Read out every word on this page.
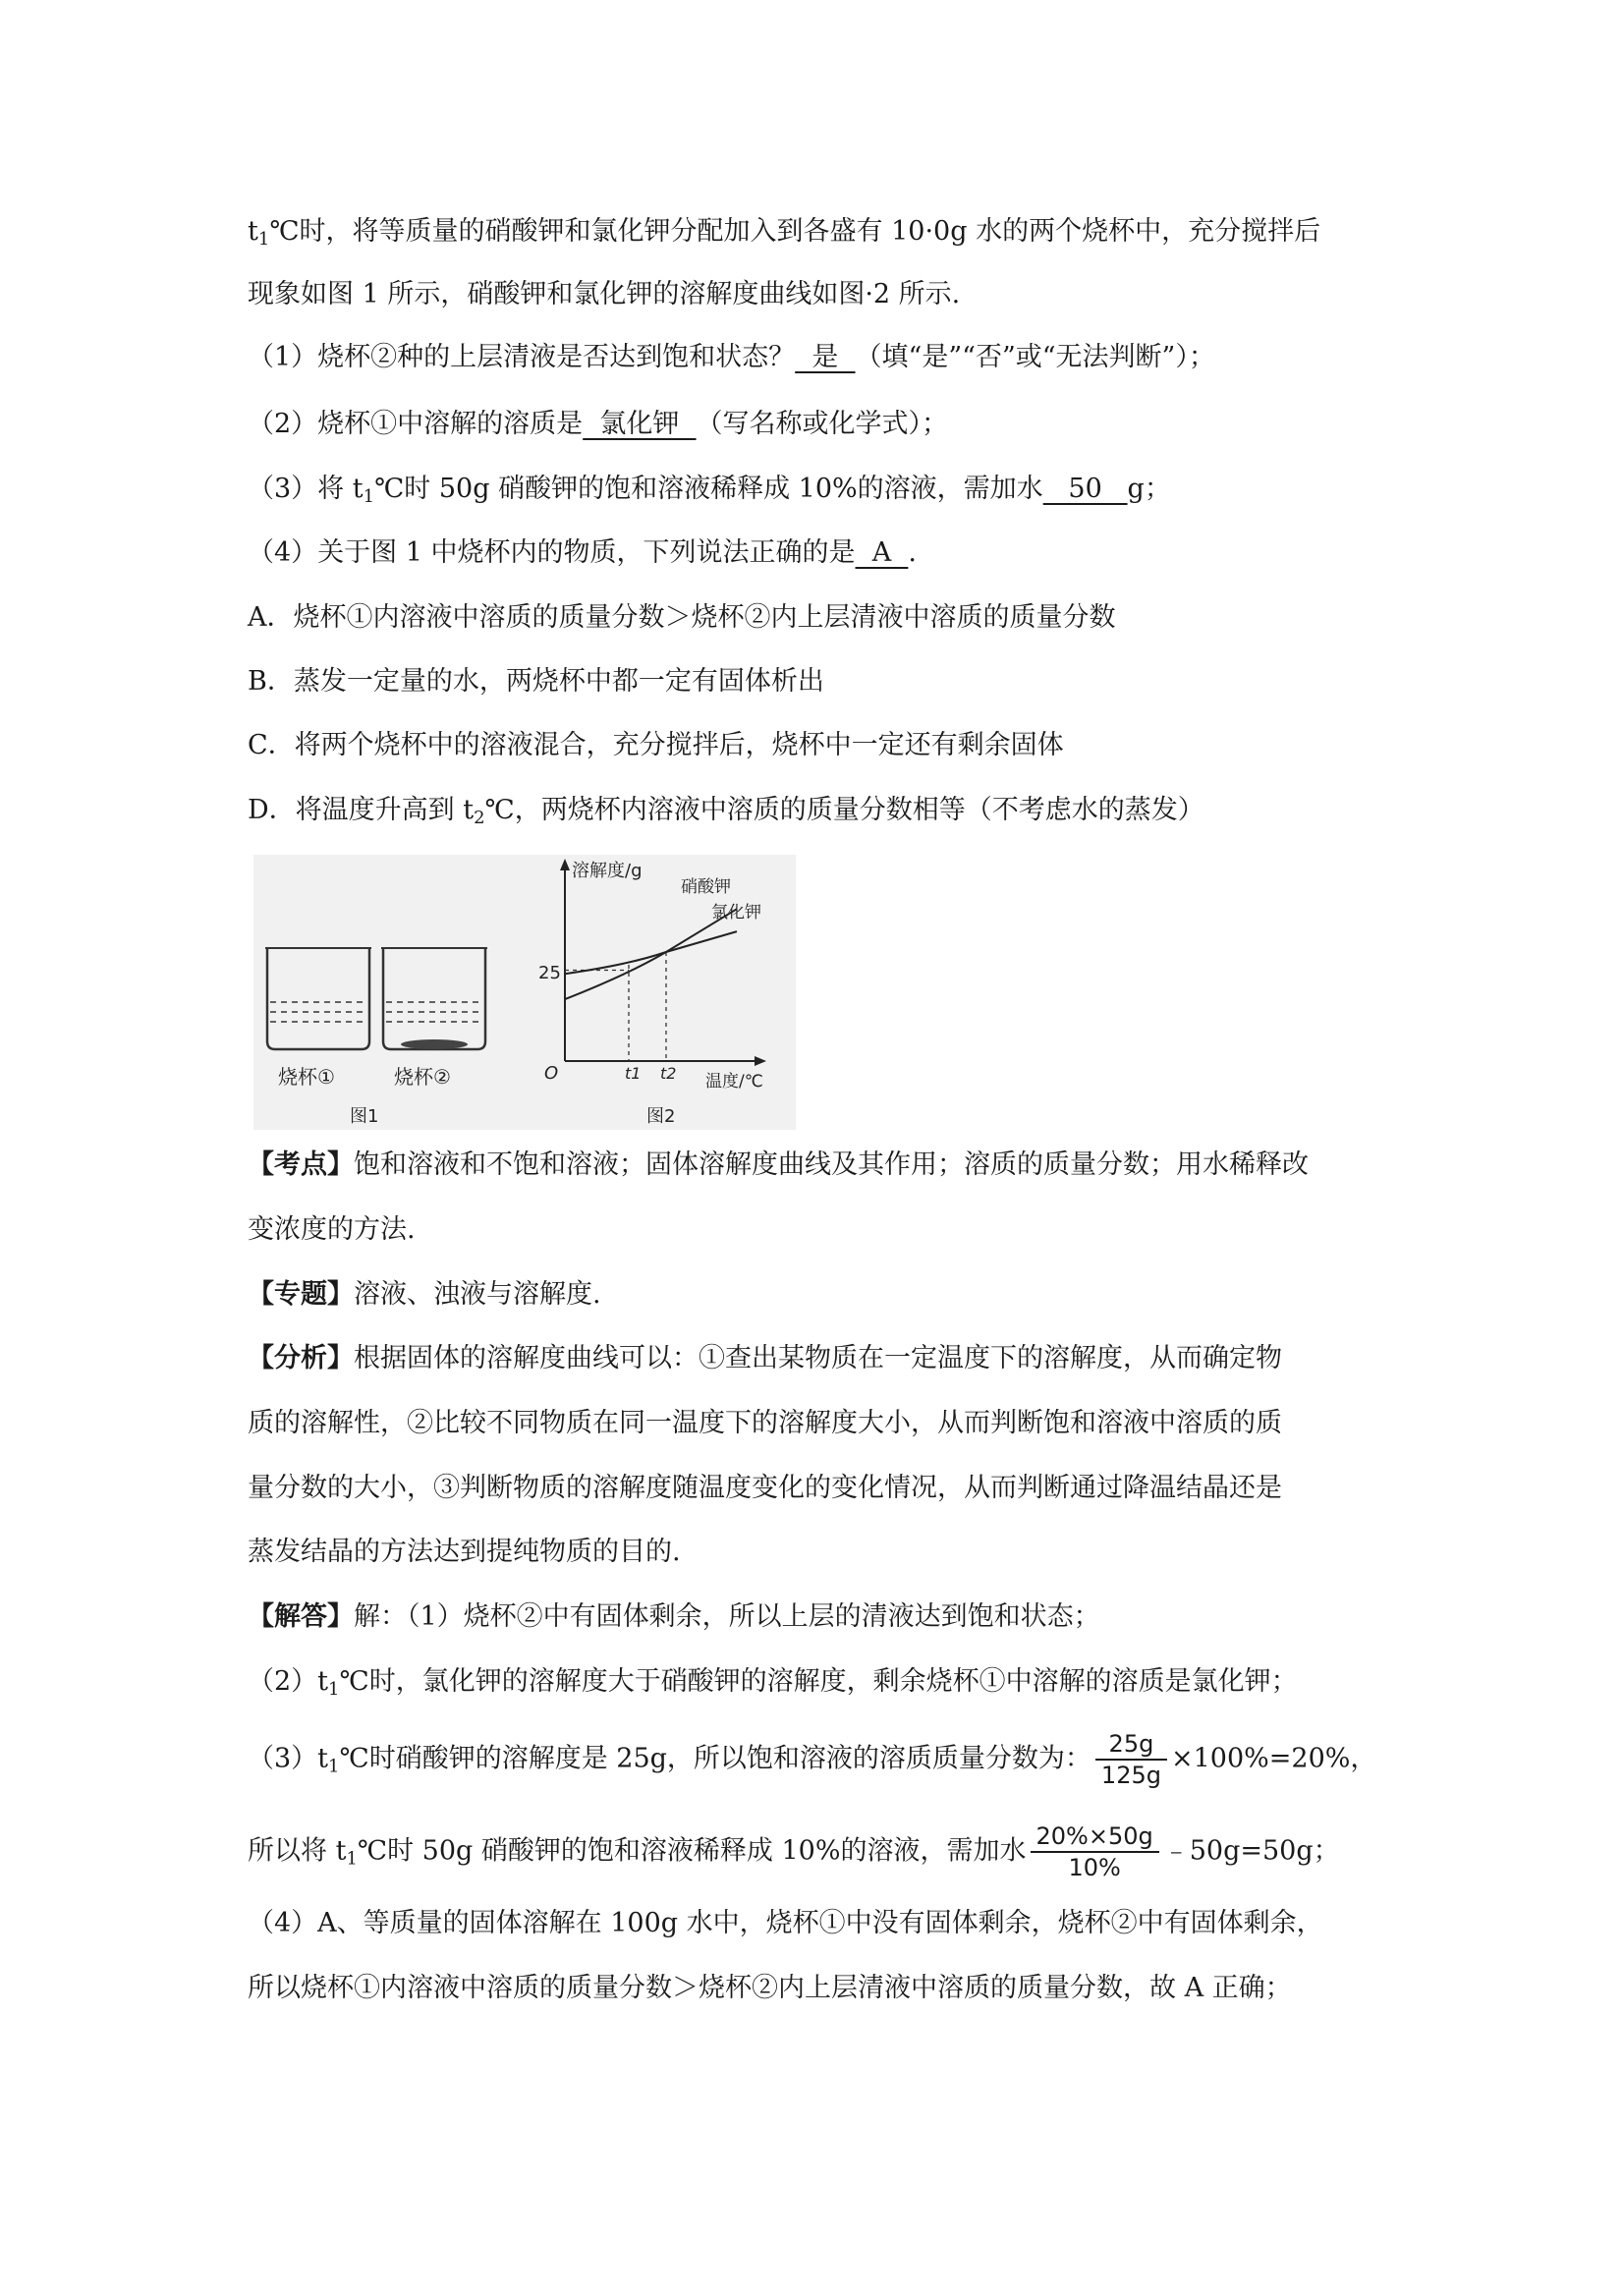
$t_1℃$时，将等质量的硝酸钾和氯化钾分配加入到各盛有 10·0g 水的两个烧杯中，充分搅拌后
现象如图 1 所示，硝酸钾和氯化钾的溶解度曲线如图·2 所示.
（1）烧杯②种的上层清液是否达到饱和状态？  是  （填“是”“否”或“无法判断”）；
（2）烧杯①中溶解的溶质是  氯化钾  （写名称或化学式）；
（3）将 $t_1℃$时 50g 硝酸钾的饱和溶液稀释成 10%的溶液，需加水   50   g；
（4）关于图 1 中烧杯内的物质，下列说法正确的是  A  .
A．烧杯①内溶液中溶质的质量分数＞烧杯②内上层清液中溶质的质量分数
B．蒸发一定量的水，两烧杯中都一定有固体析出
C．将两个烧杯中的溶液混合，充分搅拌后，烧杯中一定还有剩余固体
D．将温度升高到 $t_2℃$，两烧杯内溶液中溶质的质量分数相等（不考虑水的蒸发）
烧杯①	烧杯②
图1
溶解度/g
温度/℃
O
25
t1 t2
硝酸钾
氯化钾
图2
【考点】饱和溶液和不饱和溶液；固体溶解度曲线及其作用；溶质的质量分数；用水稀释改
变浓度的方法.
【专题】溶液、浊液与溶解度.
【分析】根据固体的溶解度曲线可以：①查出某物质在一定温度下的溶解度，从而确定物
质的溶解性，②比较不同物质在同一温度下的溶解度大小，从而判断饱和溶液中溶质的质
量分数的大小，③判断物质的溶解度随温度变化的变化情况，从而判断通过降温结晶还是
蒸发结晶的方法达到提纯物质的目的.
【解答】解：（1）烧杯②中有固体剩余，所以上层的清液达到饱和状态；
$(2)t_1℃$时，氯化钾的溶解度大于硝酸钾的溶解度，剩余烧杯①中溶解的溶质是氯化钾；
$(3)t_1℃$时硝酸钾的溶解度是 25g，所以饱和溶液的溶质质量分数为： $\frac{25g}{125g} \times 100\%=20\%$，
所以将 $t_1℃$时 50g 硝酸钾的饱和溶液稀释成 10%的溶液，需加水 $\frac{20\%\times 50g}{10\%}$ ﹣50g=50g；
（4）A、等质量的固体溶解在 100g 水中，烧杯①中没有固体剩余，烧杯②中有固体剩余，
所以烧杯①内溶液中溶质的质量分数＞烧杯②内上层清液中溶质的质量分数，故 A 正确；
